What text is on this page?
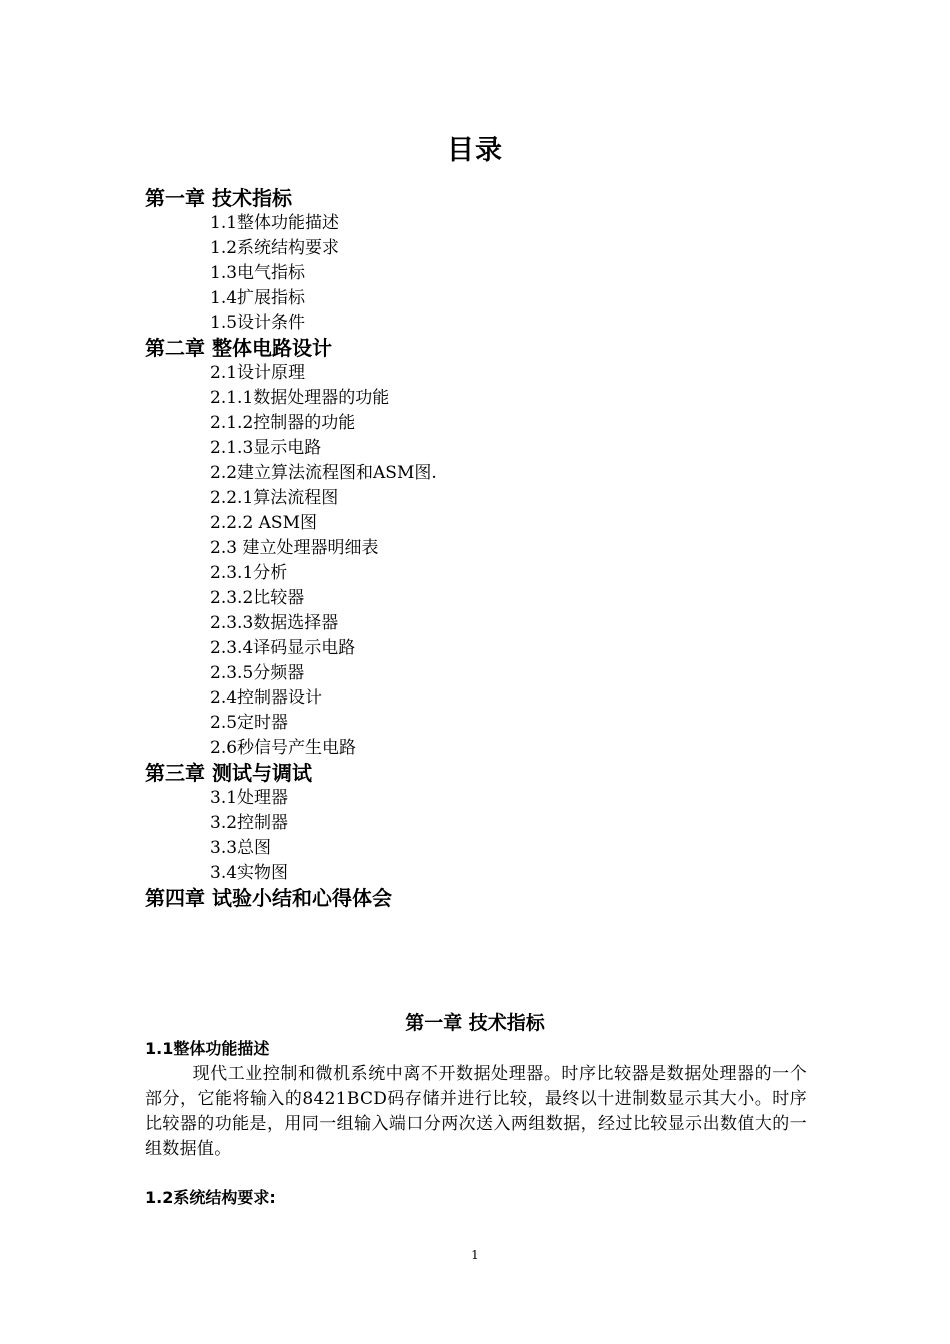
目录
第一章 技术指标
1.1整体功能描述
1.2系统结构要求
1.3电气指标
1.4扩展指标
1.5设计条件
第二章 整体电路设计
2.1设计原理
2.1.1数据处理器的功能
2.1.2控制器的功能
2.1.3显示电路
2.2建立算法流程图和ASM图.
2.2.1算法流程图
2.2.2 ASM图
2.3 建立处理器明细表
2.3.1分析
2.3.2比较器
2.3.3数据选择器
2.3.4译码显示电路
2.3.5分频器
2.4控制器设计
2.5定时器
2.6秒信号产生电路
第三章 测试与调试
3.1处理器
3.2控制器
3.3总图
3.4实物图
第四章 试验小结和心得体会
第一章 技术指标
1.1整体功能描述
现代工业控制和微机系统中离不开数据处理器。时序比较器是数据处理器的一个部分，它能将输入的8421BCD码存储并进行比较，最终以十进制数显示其大小。时序比较器的功能是，用同一组输入端口分两次送入两组数据，经过比较显示出数值大的一组数据值。
1.2系统结构要求:
1
